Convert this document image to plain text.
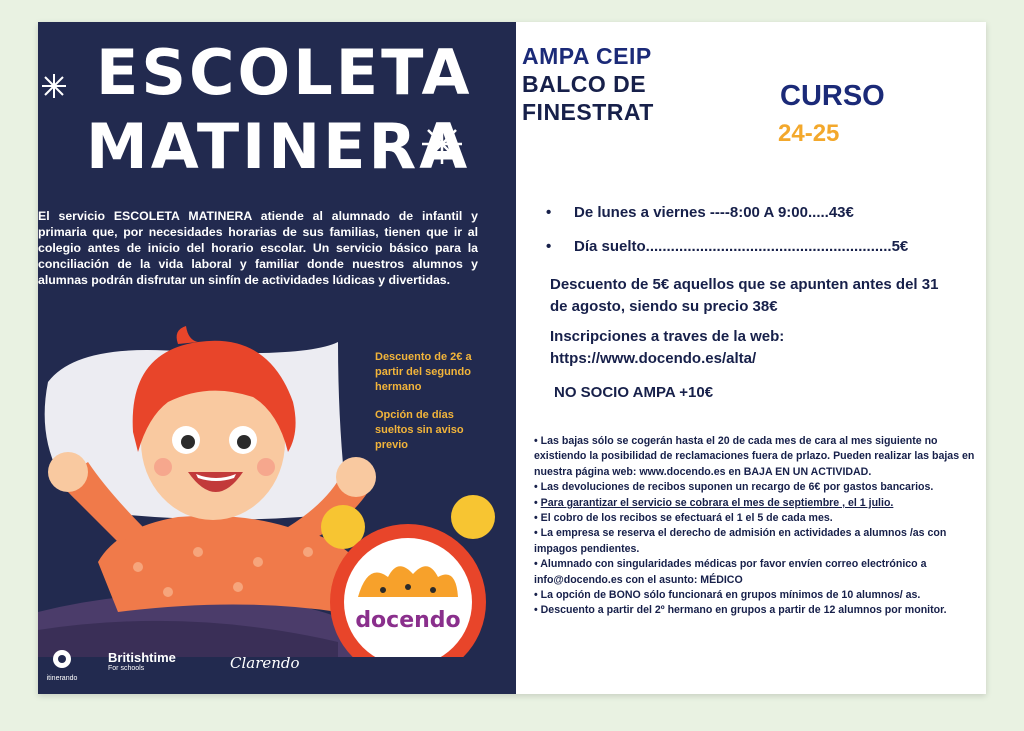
ESCOLETA
MATINERA

El servicio ESCOLETA MATINERA atiende al alumnado de infantil y primaria que, por necesidades horarias de sus familias, tienen que ir al colegio antes de inicio del horario escolar. Un servicio básico para la conciliación de la vida laboral y familiar donde nuestros alumnos y alumnas podrán disfrutar un sinfín de actividades lúdicas y divertidas.

docendo
Descuento de 2€ a partir del segundo hermano
Opción de días sueltos sin aviso previo
itinerando
Britishtime
For schools	Clarendo
AMPA CEIP
BALCO DE
FINESTRAT	CURSO
24-25
• De lunes a viernes ----8:00 A 9:00.....43€
• Día suelto...........................................................5€
Descuento de 5€ aquellos que se apunten antes del 31 de agosto, siendo su precio 38€
Inscripciones a traves de la web: https://www.docendo.es/alta/
NO SOCIO AMPA +10€
• Las bajas sólo se cogerán hasta el 20 de cada mes de cara al mes siguiente no existiendo la posibilidad de reclamaciones fuera de prlazo. Pueden realizar las bajas en nuestra página web: www.docendo.es en BAJA EN UN ACTIVIDAD.
• Las devoluciones de recibos suponen un recargo de 6€ por gastos bancarios.
• Para garantizar el servicio se cobrara el mes de septiembre , el 1 julio.
• El cobro de los recibos se efectuará el 1 el 5 de cada mes.
• La empresa se reserva el derecho de admisión en actividades a alumnos /as con impagos pendientes.
• Alumnado con singularidades médicas por favor envíen correo electrónico a info@docendo.es con el asunto: MÉDICO
• La opción de BONO sólo funcionará en grupos mínimos de 10 alumnos/ as.
• Descuento a partir del 2º hermano en grupos a partir de 12 alumnos por monitor.
